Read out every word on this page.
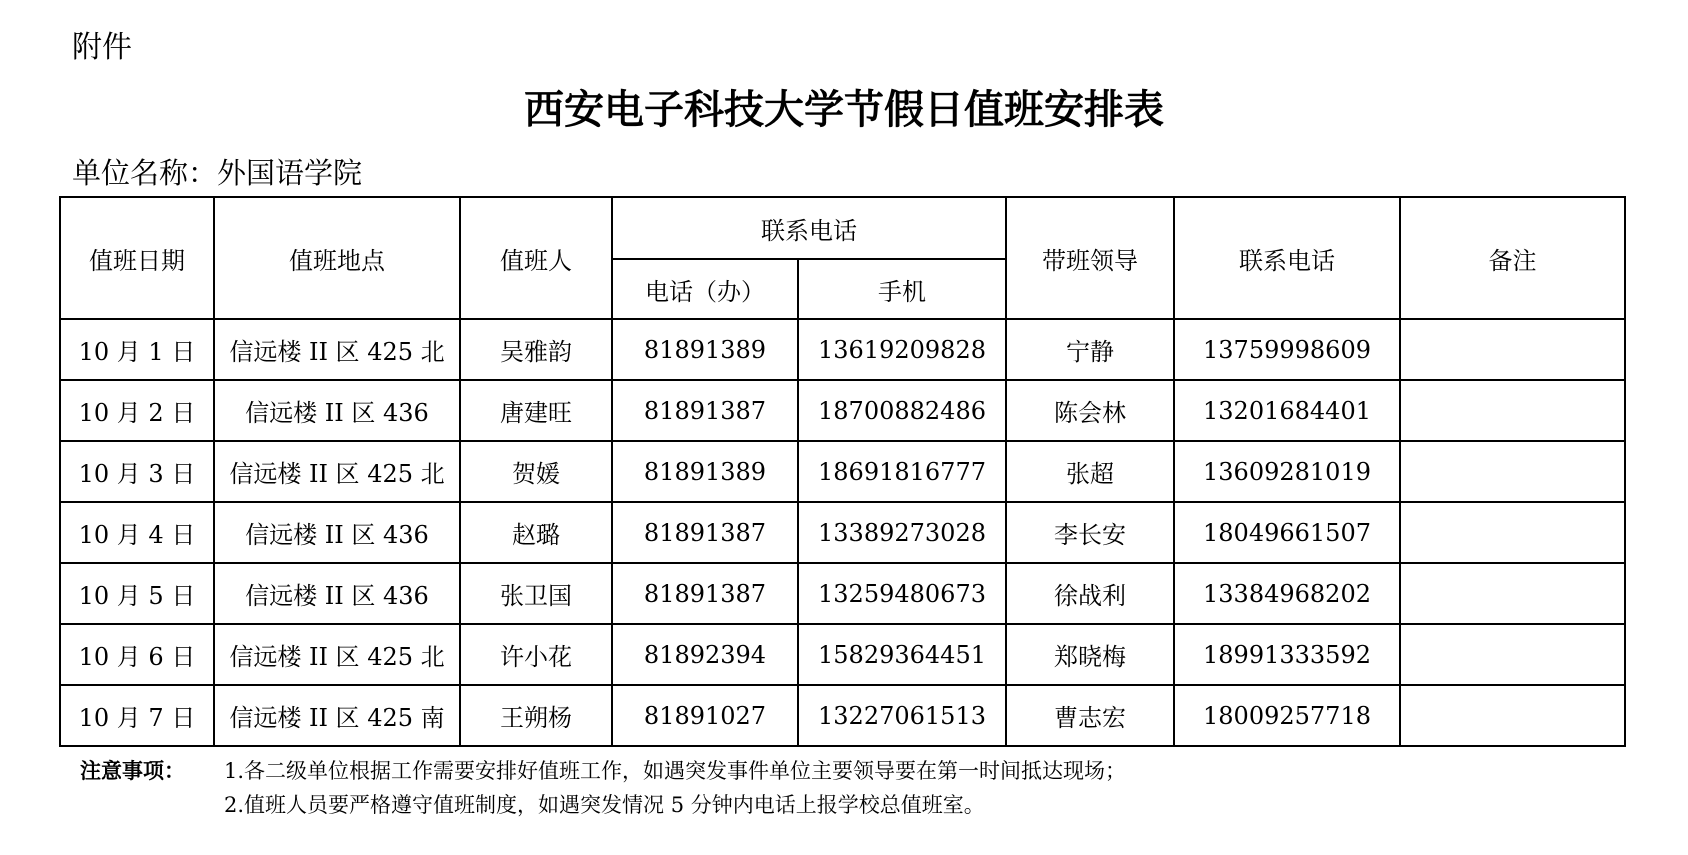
附件
西安电子科技大学节假日值班安排表
单位名称：外国语学院
值班日期	值班地点	值班人	联系电话		带班领导	联系电话	备注
			电话（办）	手机			
10 月 1 日	信远楼 II 区 425 北	吴雅韵	81891389	13619209828	宁静	13759998609	
10 月 2 日	信远楼 II 区 436	唐建旺	81891387	18700882486	陈会林	13201684401	
10 月 3 日	信远楼 II 区 425 北	贺媛	81891389	18691816777	张超	13609281019	
10 月 4 日	信远楼 II 区 436	赵璐	81891387	13389273028	李长安	18049661507	
10 月 5 日	信远楼 II 区 436	张卫国	81891387	13259480673	徐战利	13384968202	
10 月 6 日	信远楼 II 区 425 北	许小花	81892394	15829364451	郑晓梅	18991333592	
10 月 7 日	信远楼 II 区 425 南	王朔杨	81891027	13227061513	曹志宏	18009257718	
注意事项： 1.各二级单位根据工作需要安排好值班工作，如遇突发事件单位主要领导要在第一时间抵达现场；
2.值班人员要严格遵守值班制度，如遇突发情况 5 分钟内电话上报学校总值班室。
